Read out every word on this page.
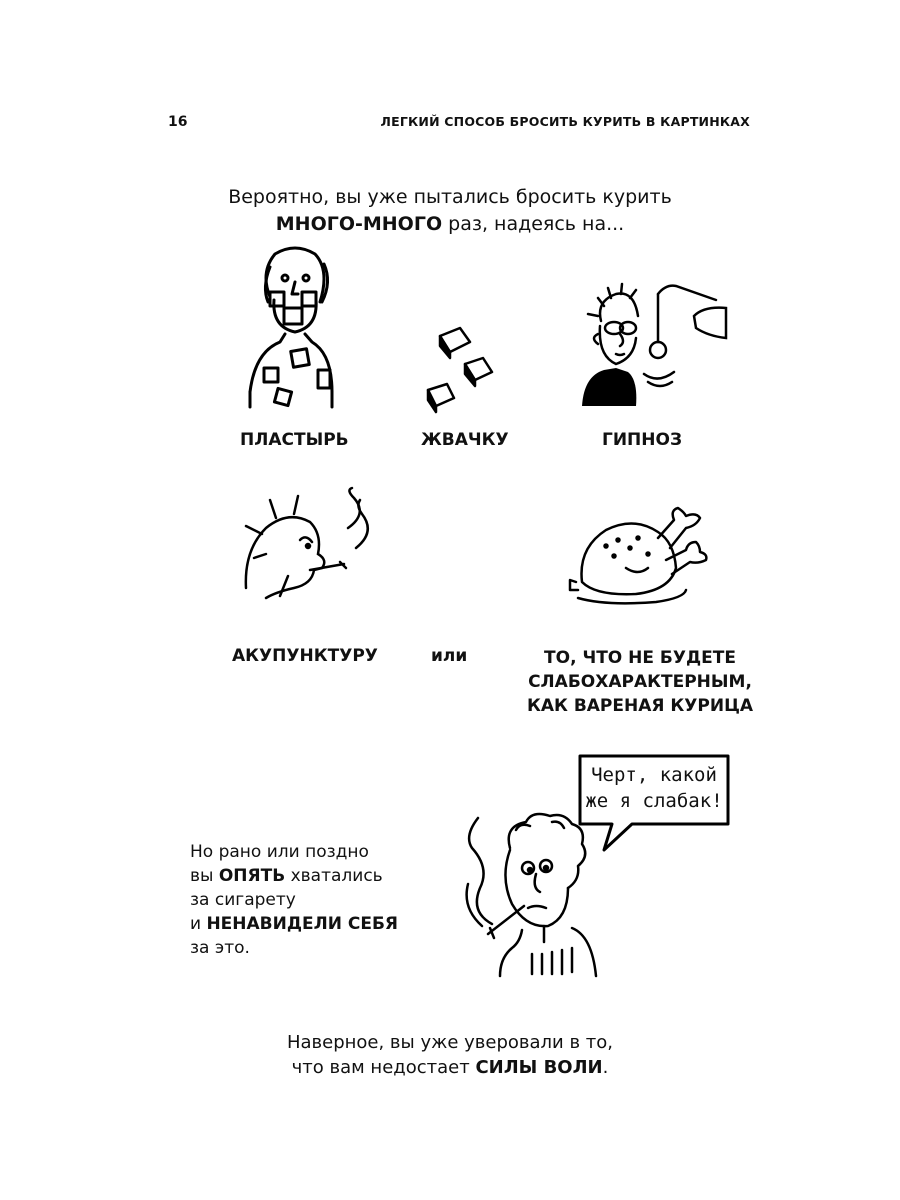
16	ЛЕГКИЙ СПОСОБ БРОСИТЬ КУРИТЬ В КАРТИНКАХ
Вероятно, вы уже пытались бросить курить
МНОГО-МНОГО раз, надеясь на...
ПЛАСТЫРЬ	ЖВАЧКУ	ГИПНОЗ
АКУПУНКТУРУ	или	ТО, ЧТО НЕ БУДЕТЕ
СЛАБОХАРАКТЕРНЫМ,
КАК ВАРЕНАЯ КУРИЦА
Черт, какой
же я слабак!
Но рано или поздно
вы ОПЯТЬ хватались
за сигарету
и НЕНАВИДЕЛИ СЕБЯ
за это.
Наверное, вы уже уверовали в то,
что вам недостает СИЛЫ ВОЛИ.
